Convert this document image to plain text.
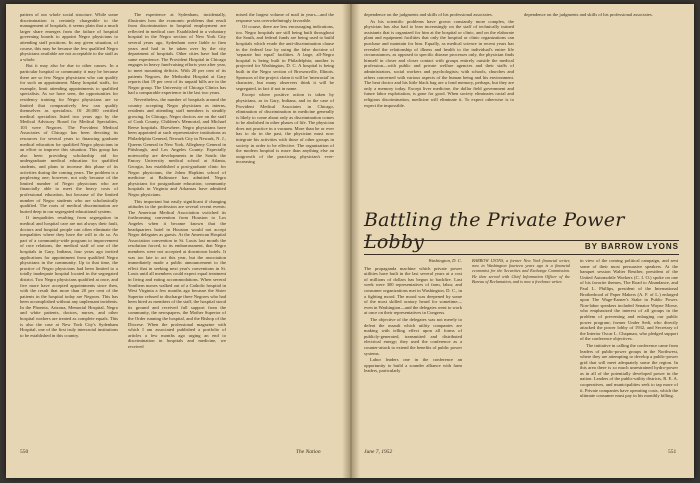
pattern of our whole social structure. While some discrimination is certainly chargeable to the management of hospitals, it seems plain that a much larger share emerges from the failure of hospital governing boards to appoint Negro physicians to attending staff positions. In any given situation, of course, this may be because the few qualified Negro physicians available are not acceptable to the staff as a whole.

But it may also be due to other causes. In a particular hospital or community it may be because there are so few Negro physicians who can qualify for such an appointment. Many hospital staffs, for example, limit attending appointments to qualified specialists. As we have seen, the opportunities for residency training for Negro physicians are so limited that comparatively few can qualify themselves as specialists. Of 20,000 certified medical specialists listed two years ago by the Medical Advisory Board for Medical Specialties, 103 were Negroes. The Provident Medical Associates of Chicago has been devoting its resources for several years to financing graduate medical education for qualified Negro physicians in an effort to improve this situation. This group has also been providing scholarship aid for undergraduate medical education for qualified students, and plans to increase this phase of its activities during the coming years. The problem is a perplexing one; however, not only because of the limited number of Negro physicians who are financially able to meet the heavy costs of professional education, but because of the limited number of Negro students who are scholastically qualified. The roots of medical discrimination are buried deep in our segregated educational system.

If inequalities resulting from segregation in medical and hospital care are not always their fault, doctors and hospital people can often eliminate the inequalities where they have the will to do so. As part of a community-wide program to improvement of race relations, the medical staff of one of the hospitals in Gary, Indiana, four years ago invited applications for appointment from qualified Negro physicians in the community. Up to that time, the practice of Negro physicians had been limited to a totally inadequate hospital located in the segregated district. Two Negro physicians qualified at once, and five more have accepted appointments since then, with the result that more than 20 per cent of the patients in the hospital today are Negroes. This has been accomplished without any unpleasant incidents. In the Phoenix, Arizona, Memorial Hospital, Negro and white patients, doctors, nurses, and other hospital workers are treated as complete equals. This is also the case at New York City's Sydenham Hospital, one of the first truly interracial institutions to be established in this country.

The experience at Sydenham, incidentally, illustrates how the economic problems that result from discrimination in hospital employment are reflected in medical care. Established in a voluntary hospital in the Negro section of New York City several years ago, Sydenham were liable to firm years and had to be taken over by the city department of hospitals. Other cities have had the same experience. The Provident Hospital in Chicago engages in heavy fund-raising efforts year after year, to meet mounting deficits. With 20 per cent of its patients Negroes, the Methodist Hospital at Gary reports that 19 per cent of its unpaid bills are in the Negro group. The University of Chicago Clinics has had a comparable experience in the last two years.

Nevertheless, the number of hospitals around the country accepting Negro physicians as interns, residents and attending staff members is steadily growing. In Chicago, Negro doctors are on the staff of Cook County, Children's Memorial, and Michael Reese hospitals. Elsewhere, Negro physicians have been appointed at such representative institutions as Philadelphia General, Newark City in Newark, N. J., Queens General in New York, Allegheny General in Pittsburgh, and Los Angeles County. Especially noteworthy are developments in the South: the Emory University medical school at Atlanta, Georgia, has established a post-graduate clinic for Negro physicians, the Johns Hopkins school of medicine at Baltimore has admitted Negro physicians for postgraduate education; community hospitals in Virginia and Arkansas have admitted Negro physicians.

This important but easily significant if changing attitudes in the profession are several recent events: The American Medical Association switched its forthcoming convention from Houston to Los Angeles when it became known that the headquarters hotel in Houston would not accept Negro delegates as guests. At the American Hospital Association convention in St. Louis last month the resolution forced, to its embarrassment, that Negro members were not accepted at downtown hotels. It was too late to act this year, but the association immediately made a public announcement to the effect that in seeking next year's conventions in St. Louis until all members could expect equal treatment in living and eating accommodations. When several Southern nurses walked out of a Catholic hospital in West Virginia a few months ago because the Sister Superior refused to discharge three Negroes who had been hired as members of the staff, the hospital stood its ground and received full support from the community, the newspapers, the Mother Superior of the Order running the hospital, and the Bishop of the Diocese. When the professional magazine with which I am associated published a portfolio of articles a few months ago urging an end to discrimination in hospitals and medicine, we received

mixed the largest volume of mail in years—and the response was overwhelmingly favorable.

Of course, there are less encouraging indications, too. Negro hospitals are still being built throughout the South, and federal funds are being used to build hospitals which evade the anti-discrimination clause in the federal law by using the false doctrine of 'separate but equal' facilities. A large, all-Negro hospital is being built in Philadelphia; another is projected for Washington, D. C. A hospital is being built in the Negro section of Brownsville, Illinois. Sponsors of the project claim it will be 'interracial' in character, but many observers think it will be segregated, in fact if not in name.

Except where positive action is taken by physicians, as in Gary, Indiana, and in the case of Provident Medical Associates in Chicago, elimination of discrimination in medicine generally is likely to come about only as discrimination comes to be abolished in other phases of life. The physician does not practice in a vacuum. More than he or ever has to do in the past, the physician must now integrate his activities with those of other groups in society in order to be effective. The organization of the modern hospital is more than anything else an outgrowth of the practicing physician's ever-increasing

550	The Nation

dependence on the judgments and skills of his professional associates.

As his scientific problems have grown constantly more complex, the physician has also had to lean increasingly on the staff of technically trained assistants that is organized for him at the hospital or clinic, and on the elaborate plant and equipment facilities that only the hospital or clinic organizations can purchase and maintain for him. Equally, as medical science in recent years has revealed the relationship of illness and health to the individual's entire life circumstances, as opposed to specific disease processes only, the physician finds himself in closer and closer contact with groups entirely outside the medical profession—with public and private welfare agencies and their staffs of administrators, social workers and psychologists; with schools, churches and others concerned with various aspects of the human being and his environment. The heat doctor and his little black bag are a fond memory, perhaps, but they are only a memory today. Except liver medicine, the dollar field government and future labor exploitation, is gone for good. When society eliminates racial and religious discrimination, medicine will eliminate it. To expect otherwise is to expect the impossible.

dependence on the judgments and skills of his professional associates.

Battling the Private Power Lobby	BY BARROW LYONS

Washington, D. C.

The propaganda machine which private power utilities have built in the last several years at a cost of millions of dollars has begun to backfire. Last week were 300 representatives of farm, labor, and consumer organizations met in Washington, D. C., in a fighting mood. The mood was deepened by some of the most skilled oratory heard for sometime—even in Washington—and the delegates went to work at once on their representatives in Congress.

The objective of the delegates was not merely to defeat the assault which utility companies are making with telling effect upon all forms of publicly-generated, transmitted and distributed electrical energy; they used the conference as a counter-attack to extend the benefits of public power systems.

Labor leaders one in the conference an opportunity to build a sounder alliance with farm leaders, particularly

BARROW LYONS, a former New York financial writer, now in Washington fourteen years ago is a financial economist for the Securities and Exchange Commission. He then served with Chief Information Officer of the Bureau of Reclamation, and is now a freelance writer.

in view of the coming political campaign, and sent some of their most persuasive speakers. At the banquet session Walter Reuther, president of the United Automobile Workers (C. I. O.) spoke on one of his favorite themes, The Road to Abundance, and Paul L. Phillips, president of the International Brotherhood of Paper Makers (A. F. of L.) enlarged upon The Wage-Earner's Stake in Public Power. Non-labor speakers included Senator Wayne Morse, who emphasized the interest of all groups in the problem of preventing and enlarging our public power program; former Under Sedt, who directly attacked the power lobby of 1932, and Secretary of the Interior Oscar L. Chapman, who pledged support of the conference objectives.

The initiative in calling the conference came from leaders of public-power groups in the Northwest, where they are attempting to develop a public-power grid that will meet adequately some the region. In this area there is so much unrestrained hydro-power as in all of the potentially developed power in the nation. Leaders of the public-utility districts, R. E. A. cooperatives, and municipalities seek to tap more of it. Private companies have operating costs, which the ultimate consumer must pay in his monthly billing.

June 7, 1952	551
